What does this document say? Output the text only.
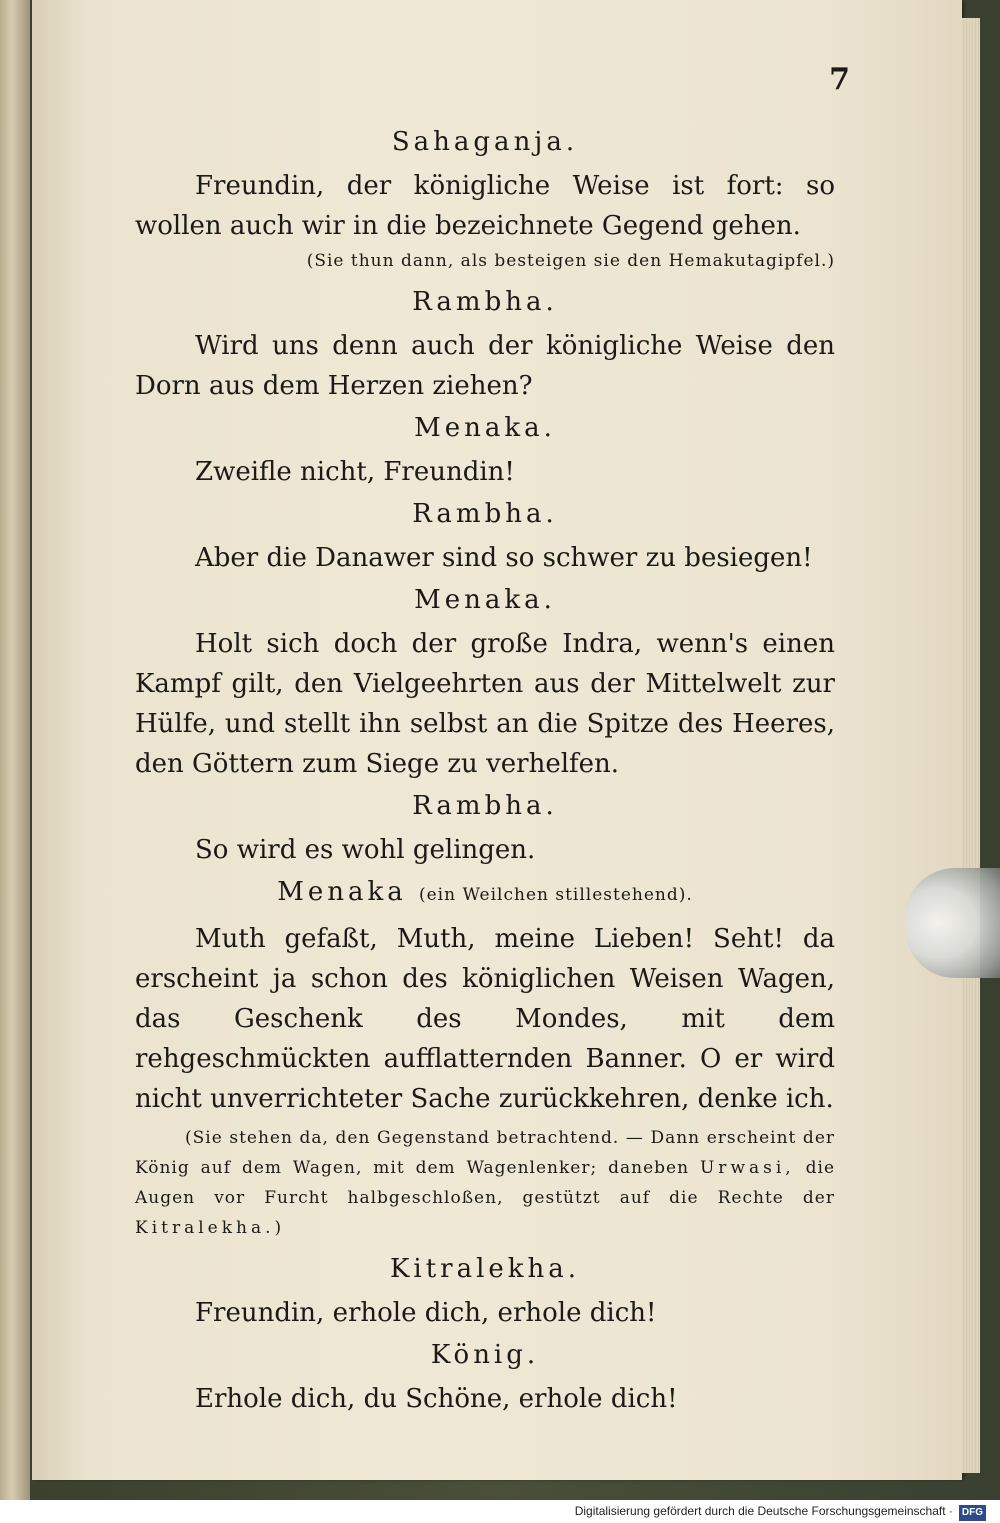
7
Sahaganja.

Freundin, der königliche Weise ist fort: so wollen auch wir in die bezeichnete Gegend gehen.

(Sie thun dann, als besteigen sie den Hemakutagipfel.)
Rambha.

Wird uns denn auch der königliche Weise den Dorn aus dem Herzen ziehen?

Menaka.

Zweifle nicht, Freundin!

Rambha.

Aber die Danawer sind so schwer zu besiegen!

Menaka.

Holt sich doch der große Indra, wenn's einen Kampf gilt, den Vielgeehrten aus der Mittelwelt zur Hülfe, und stellt ihn selbst an die Spitze des Heeres, den Göttern zum Siege zu verhelfen.

Rambha.

So wird es wohl gelingen.

Menaka (ein Weilchen stillestehend).

Muth gefaßt, Muth, meine Lieben! Seht! da erscheint ja schon des königlichen Weisen Wagen, das Geschenk des Mondes, mit dem rehgeschmückten aufflatternden Banner. O er wird nicht unverrichteter Sache zurückkehren, denke ich.

(Sie stehen da, den Gegenstand betrachtend. — Dann erscheint der König auf dem Wagen, mit dem Wagenlenker; daneben Urwasi, die Augen vor Furcht halbgeschloßen, gestützt auf die Rechte der Kitralekha.)
Kitralekha.

Freundin, erhole dich, erhole dich!

König.

Erhole dich, du Schöne, erhole dich!

Digitalisierung gefördert durch die Deutsche Forschungsgemeinschaft · DFG
